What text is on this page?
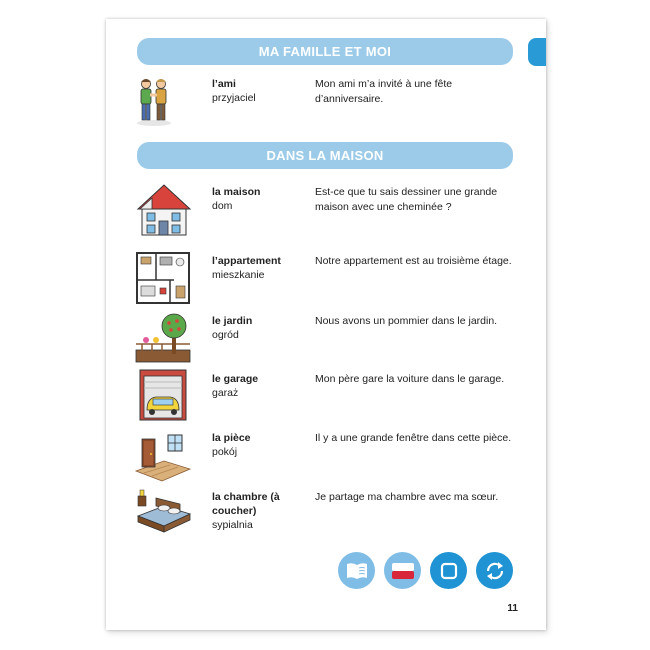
MA FAMILLE ET MOI
l’ami
przyjaciel
Mon ami m’a invité à une fête d’anniversaire.
DANS LA MAISON
la maison
dom
Est-ce que tu sais dessiner une grande maison avec une cheminée ?
l’appartement
mieszkanie
Notre appartement est au troisième étage.
le jardin
ogród
Nous avons un pommier dans le jardin.
le garage
garaż
Mon père gare la voiture dans le garage.
la pièce
pokój
Il y a une grande fenêtre dans cette pièce.
la chambre (à coucher)
sypialnia
Je partage ma chambre avec ma sœur.
11
